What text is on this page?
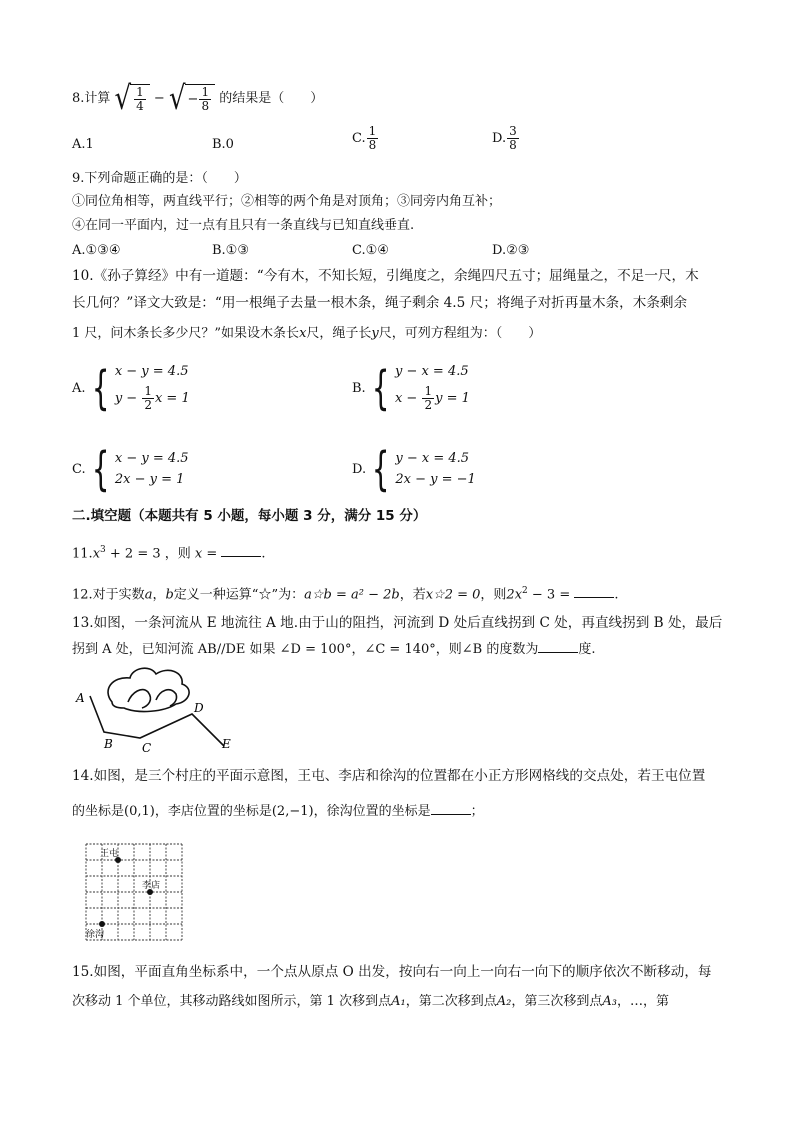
8.计算 √ $\frac{1}{4}$ − √ − $\frac{1}{8}$ 的结果是（　　）
A.1	B.0	C. $\frac{1}{8}$	D. $\frac{3}{8}$
9.下列命题正确的是：（　　）
①同位角相等，两直线平行；②相等的两个角是对顶角；③同旁内角互补；
④在同一平面内，过一点有且只有一条直线与已知直线垂直.
A.①③④	B.①③	C.①④	D.②③
10.《孙子算经》中有一道题：“今有木，不知长短，引绳度之，余绳四尺五寸；屈绳量之，不足一尺，木
长几何？”译文大致是：“用一根绳子去量一根木条，绳子剩余 4.5 尺；将绳子对折再量木条，木条剩余
1 尺，问木条长多少尺？”如果设木条长x尺，绳子长y尺，可列方程组为：（　　）
A. { x − y = 4.5
$y - \frac{1}{2}$ x = 1
B. { y − x = 4.5
$x - \frac{1}{2}$ y = 1
C. { x − y = 4.5
2x − y = 1
D. { y − x = 4.5
2x − y = −1
二.填空题（本题共有 5 小题，每小题 3 分，满分 15 分）
$11.x^3 + 2 = 3$ ，则 x =	.
12.对于实数a，b定义一种运算“☆”为：a☆b = a² − 2b，若x☆2 = 0，则$2x^2 - 3$ =	.
13.如图，一条河流从 E 地流往 A 地.由于山的阻挡，河流到 D 处后直线拐到 C 处，再直线拐到 B 处，最后
拐到 A 处，已知河流 AB//DE 如果 ∠D = 100°，∠C = 140°，则∠B 的度数为	度.
A
B C
D
E
14.如图，是三个村庄的平面示意图，王屯、李店和徐沟的位置都在小正方形网格线的交点处，若王屯位置
的坐标是(0,1)，李店位置的坐标是(2,−1)，徐沟位置的坐标是	；
王屯
李店
徐沟
15.如图，平面直角坐标系中，一个点从原点 O 出发，按向右一向上一向右一向下的顺序依次不断移动，每
次移动 1 个单位，其移动路线如图所示，第 1 次移到点A₁，第二次移到点A₂，第三次移到点A₃，…，第
